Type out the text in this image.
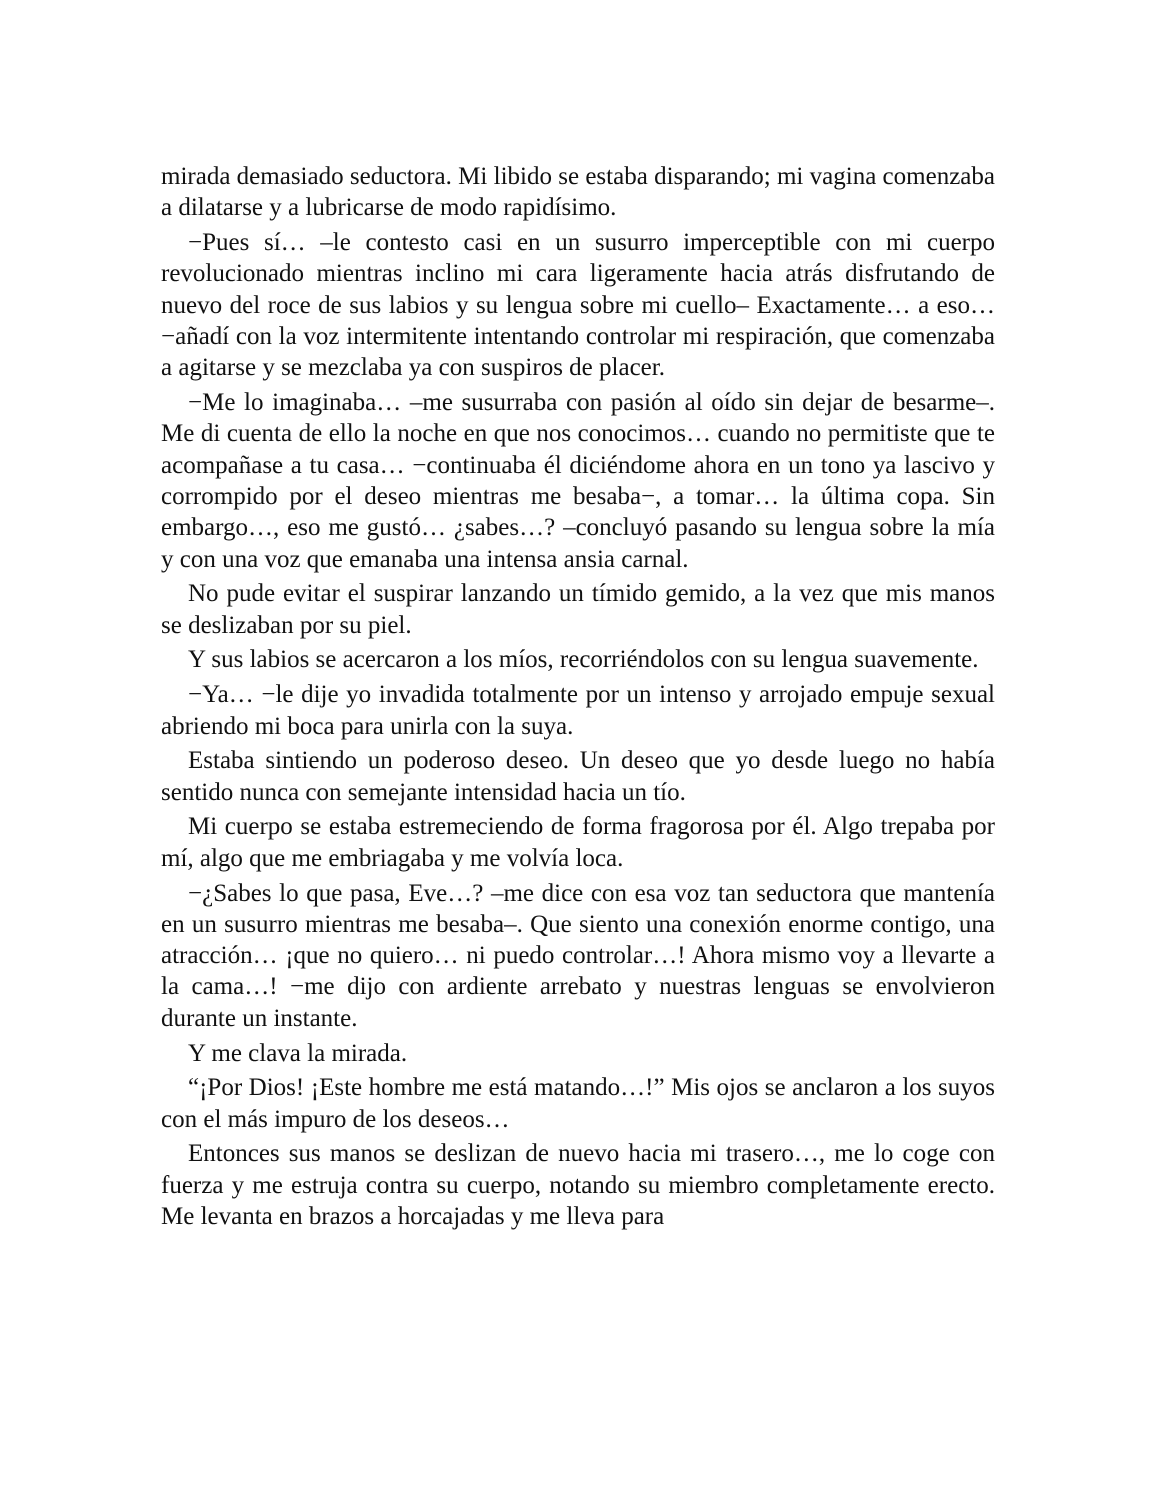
mirada demasiado seductora. Mi libido se estaba disparando; mi vagina comenzaba a dilatarse y a lubricarse de modo rapidísimo.

−Pues sí… –le contesto casi en un susurro imperceptible con mi cuerpo revolucionado mientras inclino mi cara ligeramente hacia atrás disfrutando de nuevo del roce de sus labios y su lengua sobre mi cuello– Exactamente… a eso… −añadí con la voz intermitente intentando controlar mi respiración, que comenzaba a agitarse y se mezclaba ya con suspiros de placer.

−Me lo imaginaba… –me susurraba con pasión al oído sin dejar de besarme–. Me di cuenta de ello la noche en que nos conocimos… cuando no permitiste que te acompañase a tu casa… −continuaba él diciéndome ahora en un tono ya lascivo y corrompido por el deseo mientras me besaba−, a tomar… la última copa. Sin embargo…, eso me gustó… ¿sabes…? –concluyó pasando su lengua sobre la mía y con una voz que emanaba una intensa ansia carnal.

No pude evitar el suspirar lanzando un tímido gemido, a la vez que mis manos se deslizaban por su piel.

Y sus labios se acercaron a los míos, recorriéndolos con su lengua suavemente.

−Ya… −le dije yo invadida totalmente por un intenso y arrojado empuje sexual abriendo mi boca para unirla con la suya.

Estaba sintiendo un poderoso deseo. Un deseo que yo desde luego no había sentido nunca con semejante intensidad hacia un tío.

Mi cuerpo se estaba estremeciendo de forma fragorosa por él. Algo trepaba por mí, algo que me embriagaba y me volvía loca.

−¿Sabes lo que pasa, Eve…? –me dice con esa voz tan seductora que mantenía en un susurro mientras me besaba–. Que siento una conexión enorme contigo, una atracción… ¡que no quiero… ni puedo controlar…! Ahora mismo voy a llevarte a la cama…! −me dijo con ardiente arrebato y nuestras lenguas se envolvieron durante un instante.

Y me clava la mirada.

“¡Por Dios! ¡Este hombre me está matando…!” Mis ojos se anclaron a los suyos con el más impuro de los deseos…

Entonces sus manos se deslizan de nuevo hacia mi trasero…, me lo coge con fuerza y me estruja contra su cuerpo, notando su miembro completamente erecto. Me levanta en brazos a horcajadas y me lleva para
